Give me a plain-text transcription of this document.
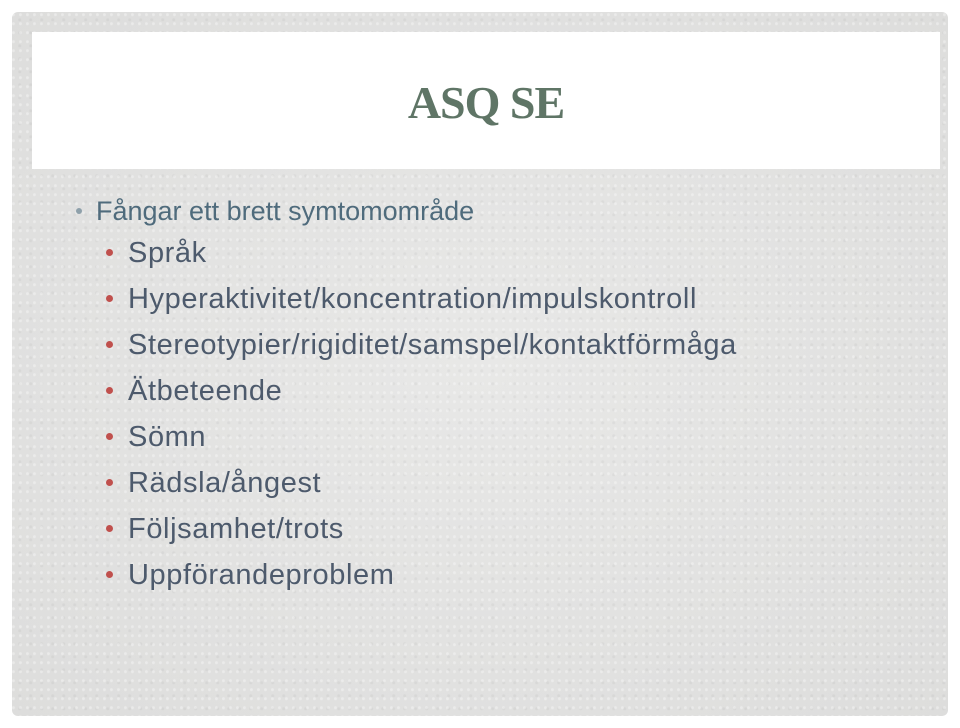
ASQ SE
Fångar ett brett symtomområde
Språk
Hyperaktivitet/koncentration/impulskontroll
Stereotypier/rigiditet/samspel/kontaktförmåga
Ätbeteende
Sömn
Rädsla/ångest
Följsamhet/trots
Uppförandeproblem
